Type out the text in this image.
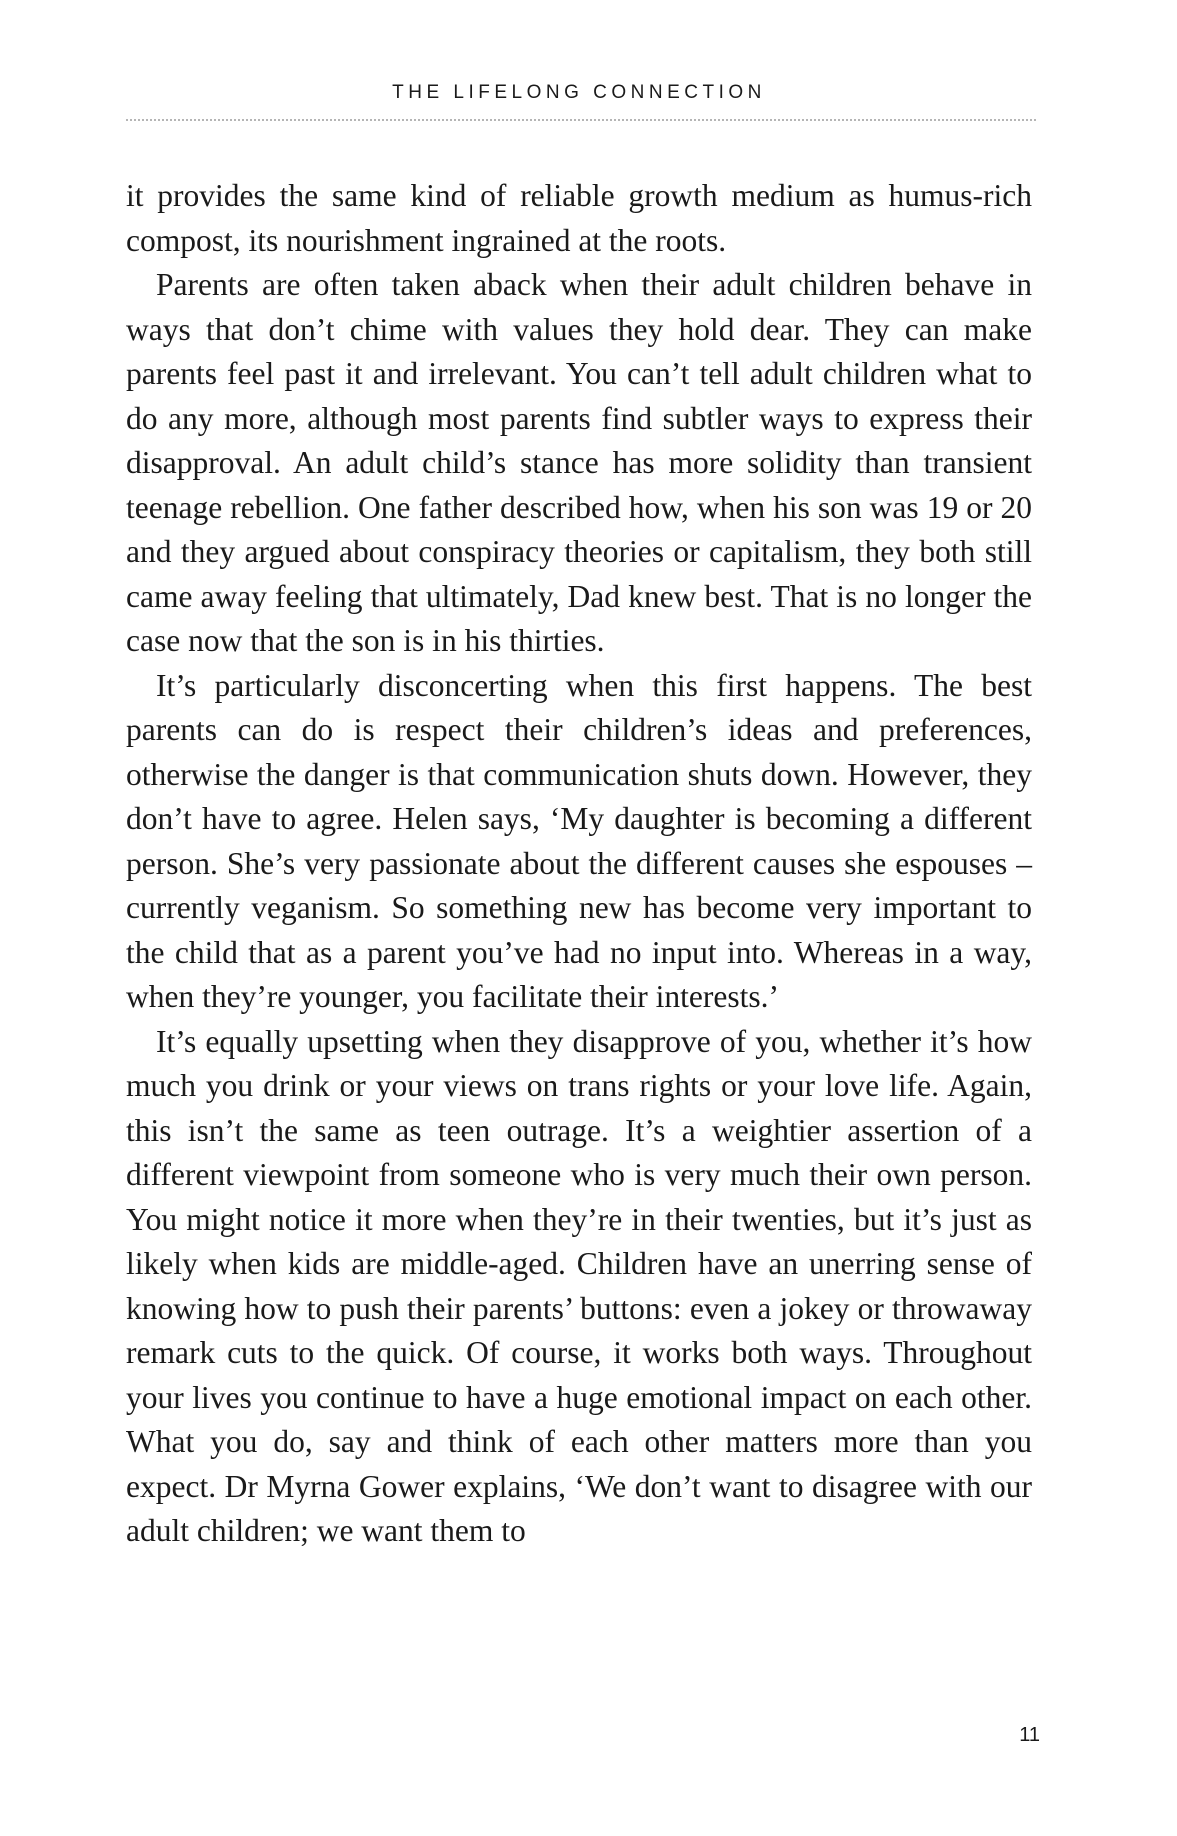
THE LIFELONG CONNECTION

it provides the same kind of reliable growth medium as humus-rich compost, its nourishment ingrained at the roots.

Parents are often taken aback when their adult children behave in ways that don’t chime with values they hold dear. They can make parents feel past it and irrelevant. You can’t tell adult children what to do any more, although most parents find subtler ways to express their disapproval. An adult child’s stance has more solidity than transient teenage rebellion. One father described how, when his son was 19 or 20 and they argued about conspiracy theories or capitalism, they both still came away feeling that ultimately, Dad knew best. That is no longer the case now that the son is in his thirties.

It’s particularly disconcerting when this first happens. The best parents can do is respect their children’s ideas and preferences, otherwise the danger is that communication shuts down. However, they don’t have to agree. Helen says, ‘My daughter is becoming a different person. She’s very passionate about the different causes she espouses – currently veganism. So something new has become very important to the child that as a parent you’ve had no input into. Whereas in a way, when they’re younger, you facilitate their interests.’

It’s equally upsetting when they disapprove of you, whether it’s how much you drink or your views on trans rights or your love life. Again, this isn’t the same as teen outrage. It’s a weightier assertion of a different viewpoint from someone who is very much their own person. You might notice it more when they’re in their twenties, but it’s just as likely when kids are middle-aged. Children have an unerring sense of knowing how to push their parents’ buttons: even a jokey or throwaway remark cuts to the quick. Of course, it works both ways. Throughout your lives you continue to have a huge emotional impact on each other. What you do, say and think of each other matters more than you expect. Dr Myrna Gower explains, ‘We don’t want to disagree with our adult children; we want them to

11
